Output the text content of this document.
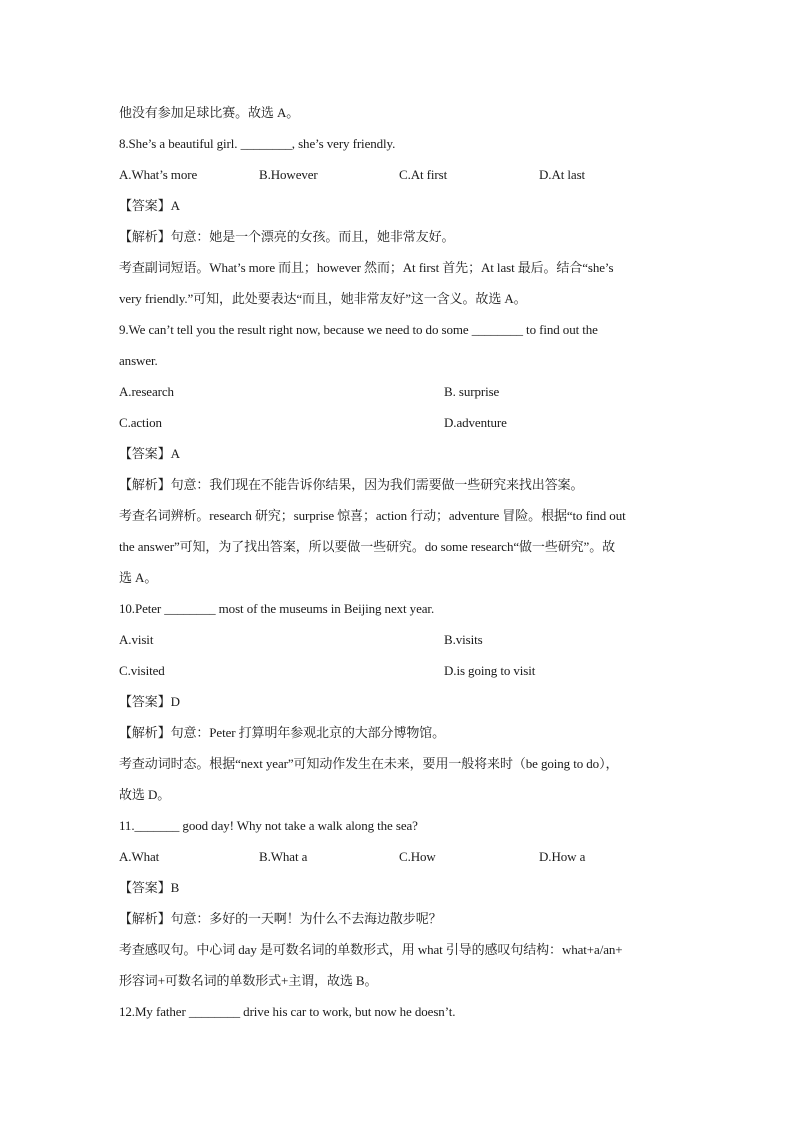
他没有参加足球比赛。故选 A。
8.She’s a beautiful girl. ________, she’s very friendly.
A.What’s more	B.However	C.At first	D.At last
【答案】A
【解析】句意：她是一个漂亮的女孩。而且，她非常友好。
考查副词短语。What’s more 而且；however 然而；At first 首先；At last 最后。结合“she’s
very friendly.”可知，此处要表达“而且，她非常友好”这一含义。故选 A。
9.We can’t tell you the result right now, because we need to do some ________ to find out the
answer.
A.research	B. surprise
C.action	D.adventure
【答案】A
【解析】句意：我们现在不能告诉你结果，因为我们需要做一些研究来找出答案。
考查名词辨析。research 研究；surprise 惊喜；action 行动；adventure 冒险。根据“to find out
the answer”可知，为了找出答案，所以要做一些研究。do some research“做一些研究”。故
选 A。
10.Peter ________ most of the museums in Beijing next year.
A.visit	B.visits
C.visited	D.is going to visit
【答案】D
【解析】句意：Peter 打算明年参观北京的大部分博物馆。
考查动词时态。根据“next year”可知动作发生在未来，要用一般将来时（be going to do），
故选 D。
11._______ good day! Why not take a walk along the sea?
A.What	B.What a	C.How	D.How a
【答案】B
【解析】句意：多好的一天啊！为什么不去海边散步呢？
考查感叹句。中心词 day 是可数名词的单数形式，用 what 引导的感叹句结构：what+a/an+
形容词+可数名词的单数形式+主谓，故选 B。
12.My father ________ drive his car to work, but now he doesn’t.
